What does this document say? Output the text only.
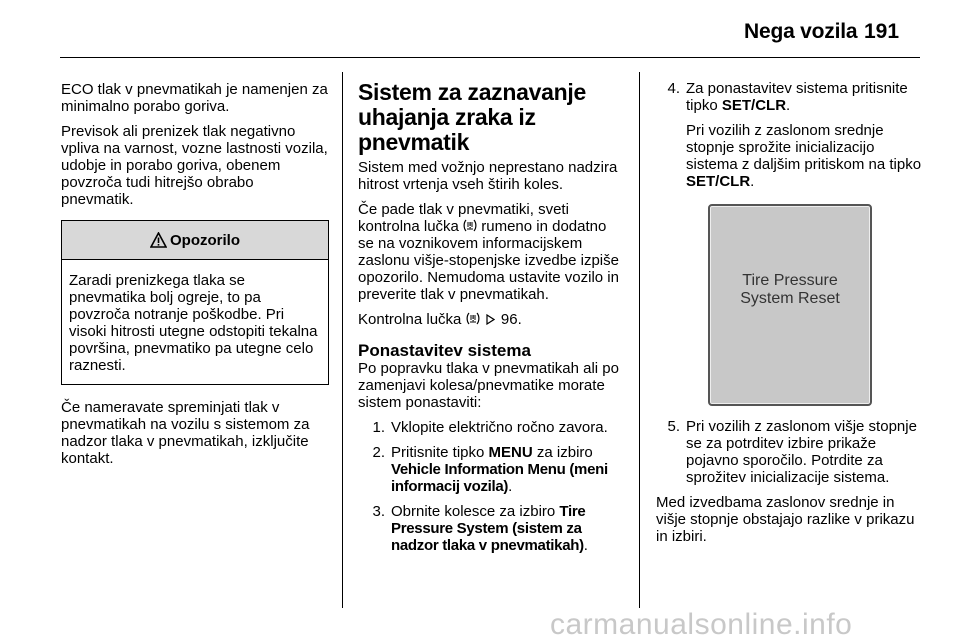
Nega vozila 191

ECO tlak v pnevmatikah je namenjen za minimalno porabo goriva.

Previsok ali prenizek tlak negativno vpliva na varnost, vozne lastnosti vozila, udobje in porabo goriva, obenem povzroča tudi hitrejšo obrabo pnevmatik.

Opozorilo
Zaradi prenizkega tlaka se pnevmatika bolj ogreje, to pa povzroča notranje poškodbe. Pri visoki hitrosti utegne odstopiti tekalna površina, pnevmatiko pa utegne celo raznesti.

Če nameravate spreminjati tlak v pnevmatikah na vozilu s sistemom za nadzor tlaka v pnevmatikah, izključite kontakt.

Sistem za zaznavanje uhajanja zraka iz pnevmatik

Sistem med vožnjo neprestano nadzira hitrost vrtenja vseh štirih koles.

Če pade tlak v pnevmatiki, sveti kontrolna lučka rumeno in dodatno se na voznikovem informacijskem zaslonu višje-stopenjske izvedbe izpiše opozorilo. Nemudoma ustavite vozilo in preverite tlak v pnevmatikah.

Kontrolna lučka	96.

Ponastavitev sistema

Po popravku tlaka v pnevmatikah ali po zamenjavi kolesa/pnevmatike morate sistem ponastaviti:

1. Vklopite električno ročno zavora.
2. Pritisnite tipko MENU za izbiro Vehicle Information Menu (meni informacij vozila).
3. Obrnite kolesce za izbiro Tire Pressure System (sistem za nadzor tlaka v pnevmatikah).
4. Za ponastavitev sistema pritisnite tipko SET/CLR.
Pri vozilih z zaslonom srednje stopnje sprožite inicializacijo sistema z daljšim pritiskom na tipko SET/CLR.
Tire Pressure
System Reset
5. Pri vozilih z zaslonom višje stopnje se za potrditev izbire prikaže pojavno sporočilo. Potrdite za sprožitev inicializacije sistema.

Med izvedbama zaslonov srednje in višje stopnje obstajajo razlike v prikazu in izbiri.

carmanualsonline.info
